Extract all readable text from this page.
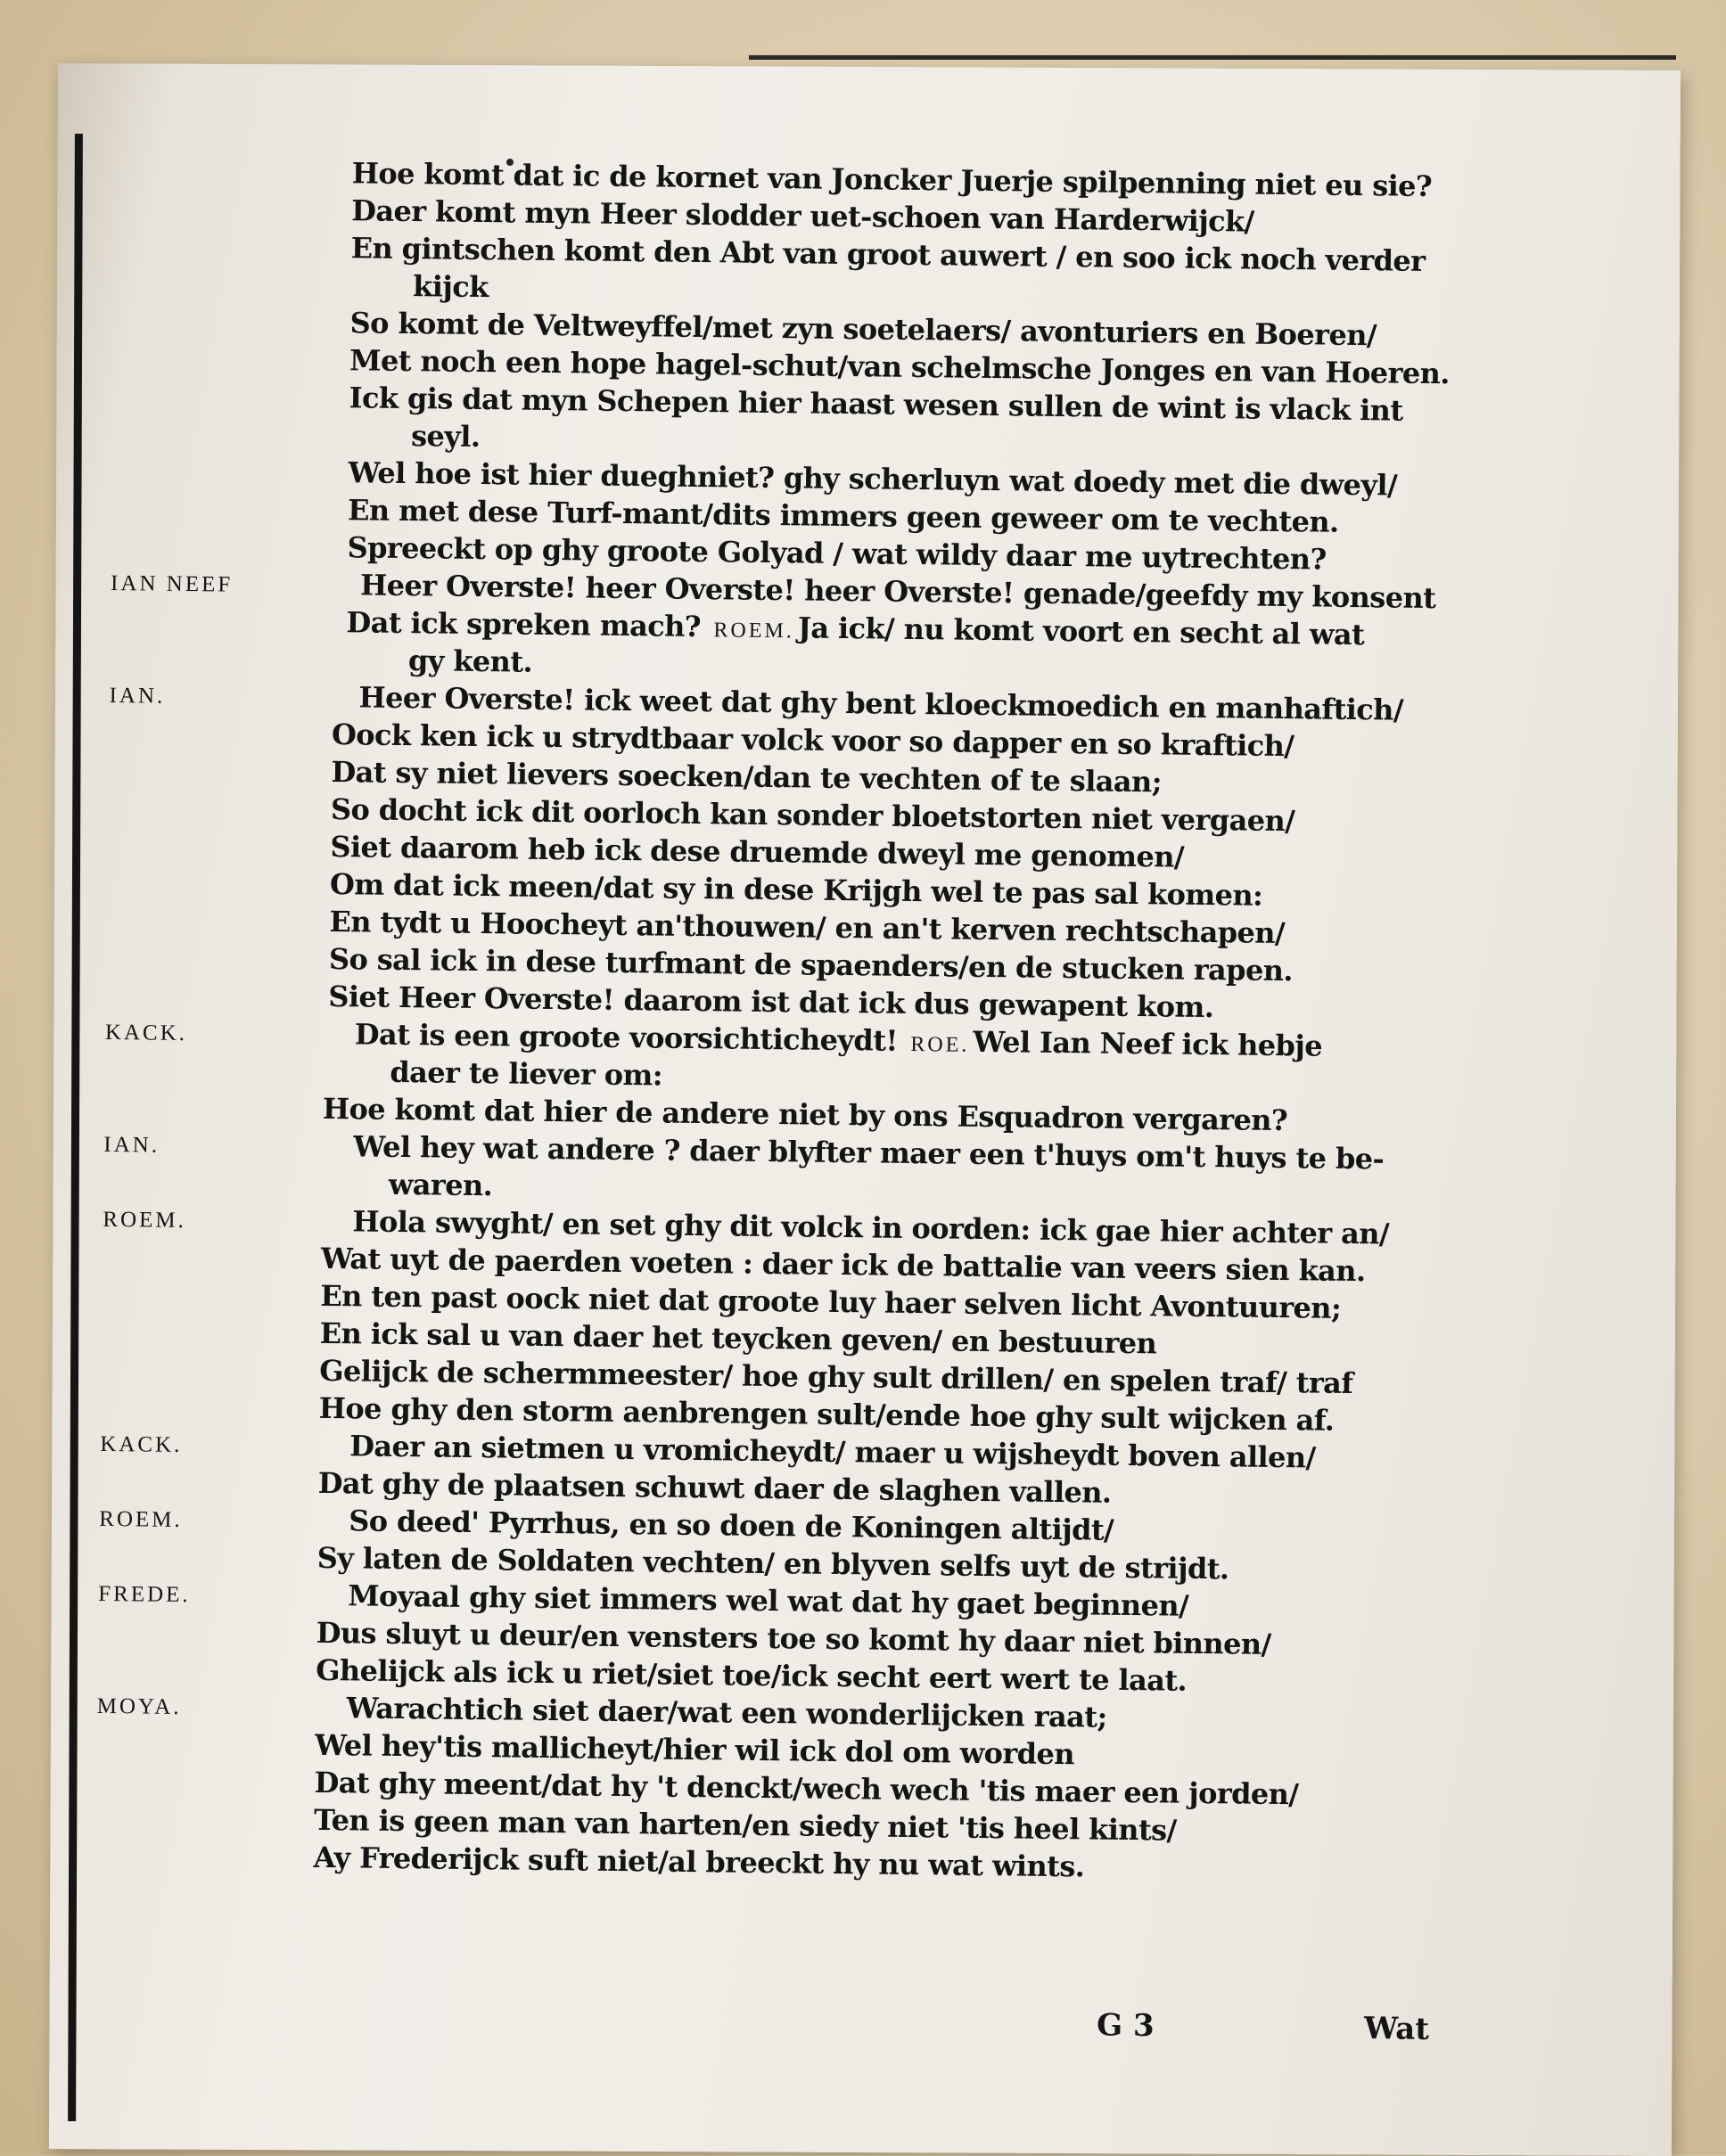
Hoe komt dat ic de kornet van Joncker Juerje spilpenning niet eu sie?
Daer komt myn Heer slodder uet-schoen van Harderwijck/
En gintschen komt den Abt van groot auwert / en soo ick noch verder
kijck
So komt de Veltweyffel/met zyn soetelaers/ avonturiers en Boeren/
Met noch een hope hagel-schut/van schelmsche Jonges en van Hoeren.
Ick gis dat myn Schepen hier haast wesen sullen de wint is vlack int
seyl.
Wel hoe ist hier dueghniet? ghy scherluyn wat doedy met die dweyl/
En met dese Turf-mant/dits immers geen geweer om te vechten.
Spreeckt op ghy groote Golyad / wat wildy daar me uytrechten?
IAN NEEF	Heer Overste! heer Overste! heer Overste! genade/geefdy my konsent
Dat ick spreken mach? ROEM. Ja ick/ nu komt voort en secht al wat
gy kent.
IAN.	Heer Overste! ick weet dat ghy bent kloeckmoedich en manhaftich/
Oock ken ick u strydtbaar volck voor so dapper en so kraftich/
Dat sy niet lievers soecken/dan te vechten of te slaan;
So docht ick dit oorloch kan sonder bloetstorten niet vergaen/
Siet daarom heb ick dese druemde dweyl me genomen/
Om dat ick meen/dat sy in dese Krijgh wel te pas sal komen:
En tydt u Hoocheyt an'thouwen/ en an't kerven rechtschapen/
So sal ick in dese turfmant de spaenders/en de stucken rapen.
Siet Heer Overste! daarom ist dat ick dus gewapent kom.
KACK.	Dat is een groote voorsichticheydt! ROE. Wel Ian Neef ick hebje
daer te liever om:
Hoe komt dat hier de andere niet by ons Esquadron vergaren?
IAN.	Wel hey wat andere ? daer blyfter maer een t'huys om't huys te be-
waren.
ROEM.	Hola swyght/ en set ghy dit volck in oorden: ick gae hier achter an/
Wat uyt de paerden voeten : daer ick de battalie van veers sien kan.
En ten past oock niet dat groote luy haer selven licht Avontuuren;
En ick sal u van daer het teycken geven/ en bestuuren
Gelijck de schermmeester/ hoe ghy sult drillen/ en spelen traf/ traf
Hoe ghy den storm aenbrengen sult/ende hoe ghy sult wijcken af.
KACK.	Daer an sietmen u vromicheydt/ maer u wijsheydt boven allen/
Dat ghy de plaatsen schuwt daer de slaghen vallen.
ROEM.	So deed' Pyrrhus, en so doen de Koningen altijdt/
Sy laten de Soldaten vechten/ en blyven selfs uyt de strijdt.
FREDE.	Moyaal ghy siet immers wel wat dat hy gaet beginnen/
Dus sluyt u deur/en vensters toe so komt hy daar niet binnen/
Ghelijck als ick u riet/siet toe/ick secht eert wert te laat.
MOYA.	Warachtich siet daer/wat een wonderlijcken raat;
Wel hey'tis mallicheyt/hier wil ick dol om worden
Dat ghy meent/dat hy 't denckt/wech wech 'tis maer een jorden/
Ten is geen man van harten/en siedy niet 'tis heel kints/
Ay Frederijck suft niet/al breeckt hy nu wat wints.
G 3	Wat
